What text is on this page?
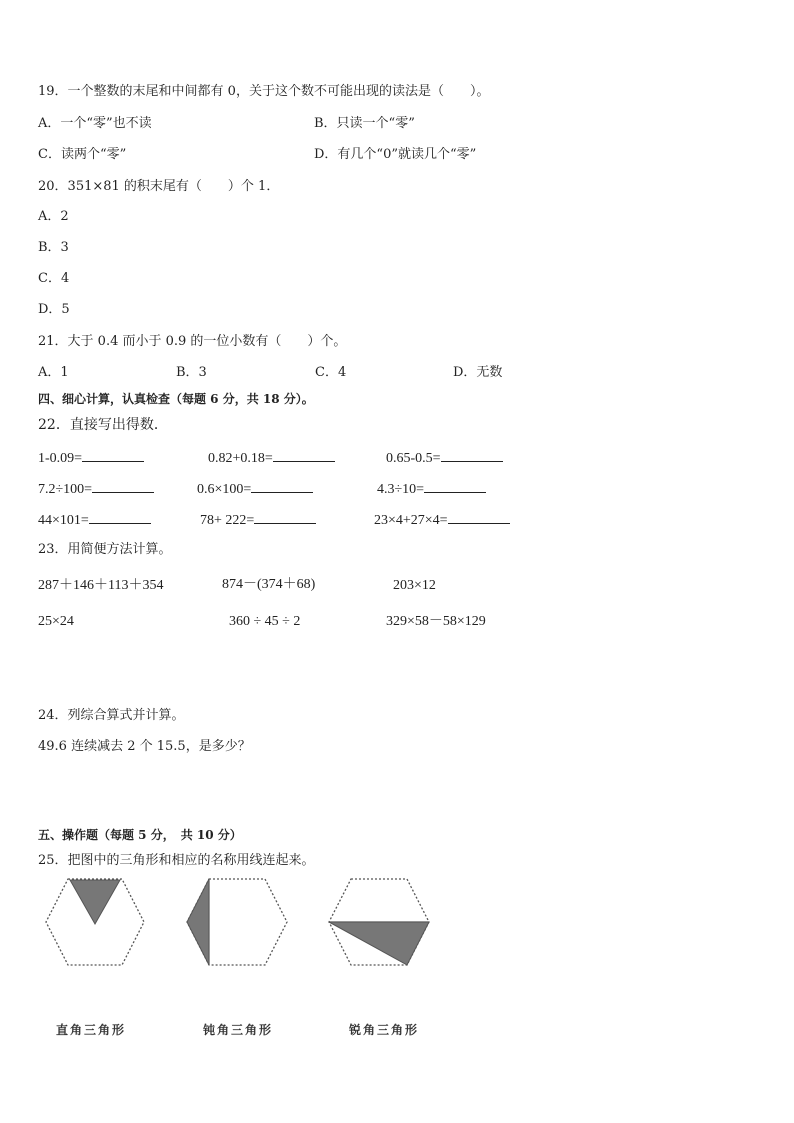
19．一个整数的末尾和中间都有 0，关于这个数不可能出现的读法是（　　）。
A．一个“零”也不读	B．只读一个“零”
C．读两个“零”	D．有几个“0”就读几个“零”
20．351×81 的积末尾有（　　）个 1．
A．2
B．3
C．4
D．5
21．大于 0.4 而小于 0.9 的一位小数有（　　）个。
A．1	B．3	C．4	D．无数
四、细心计算，认真检查（每题 6 分，共 18 分）。
22．直接写出得数．
1-0.09=	0.82+0.18=	0.65-0.5=
7.2÷100=	0.6×100=	4.3÷10=
44×101=	78+ 222=	23×4+27×4=
23．用简便方法计算。
287＋146＋113＋354	874－(374＋68)	203×12
25×24	360 ÷ 45 ÷ 2	329×58－58×129
24．列综合算式并计算。
49.6 连续减去 2 个 15.5，是多少？
五、操作题（每题 5 分，　共 10 分）
25．把图中的三角形和相应的名称用线连起来。
直角三角形	钝角三角形	锐角三角形
